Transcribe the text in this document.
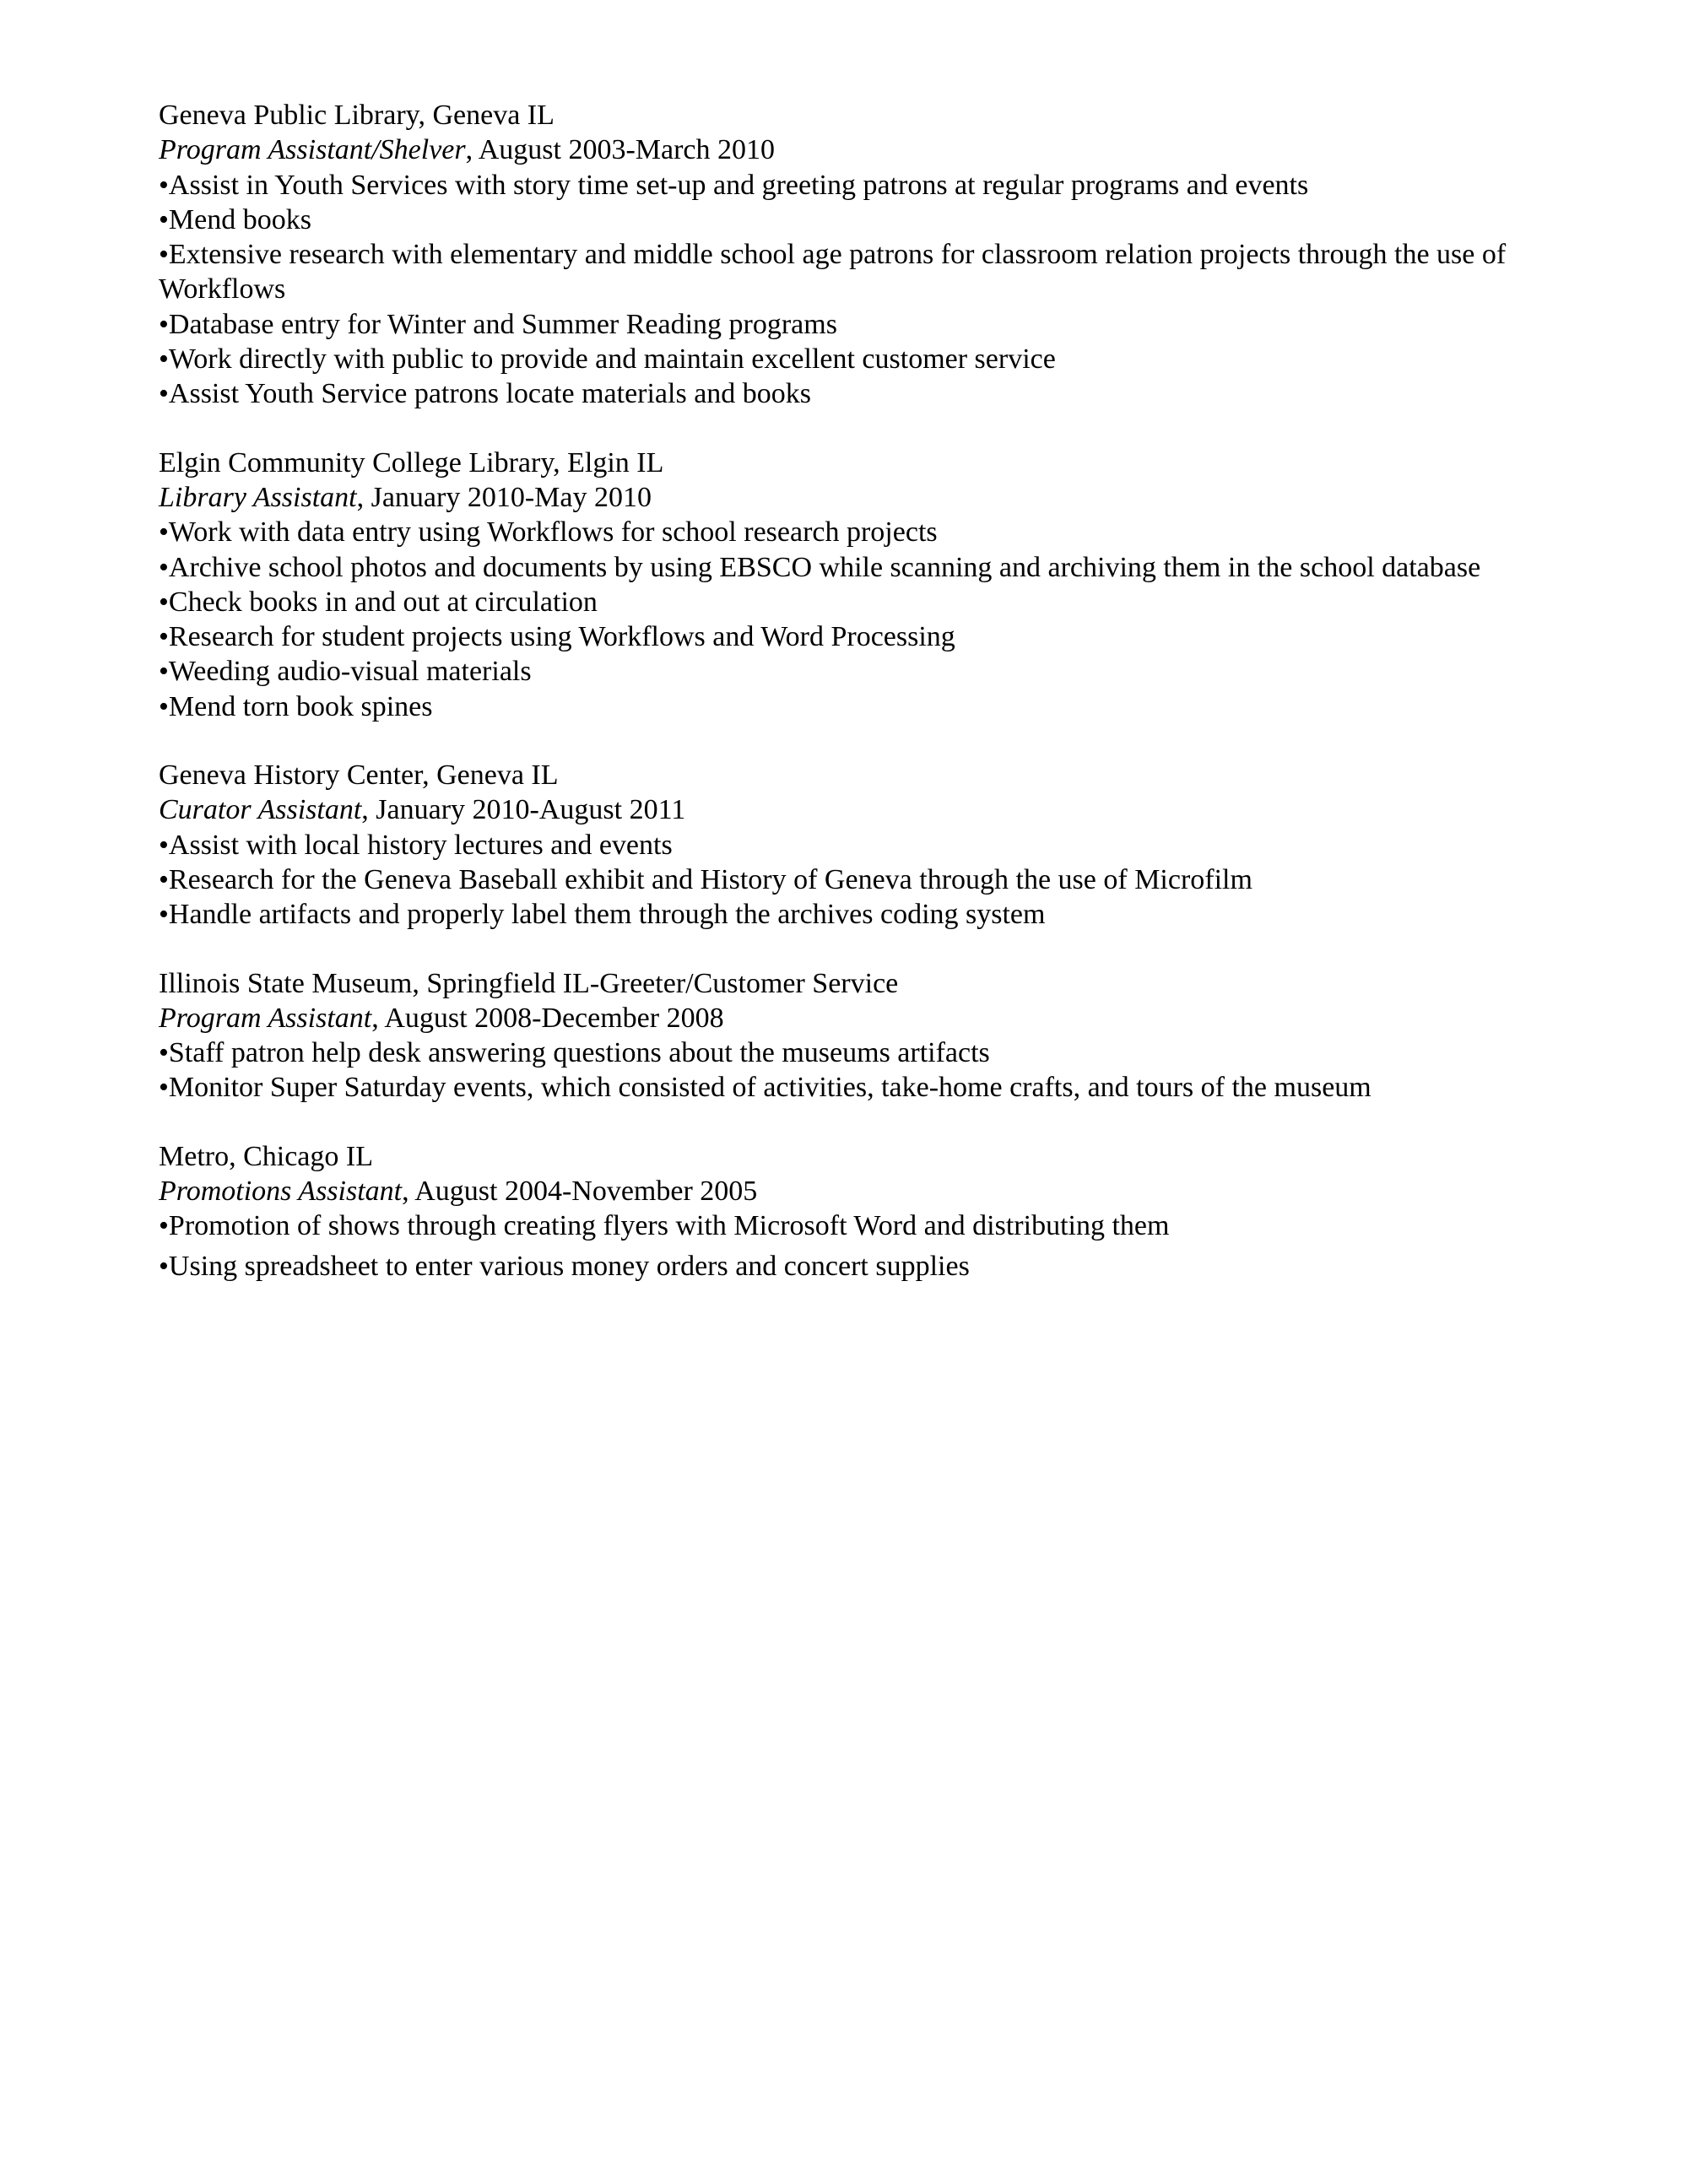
Geneva Public Library, Geneva IL

Program Assistant/Shelver, August 2003-March 2010

•Assist in Youth Services with story time set-up and greeting patrons at regular programs and events
•Mend books
•Extensive research with elementary and middle school age patrons for classroom relation projects through the use of Workflows
•Database entry for Winter and Summer Reading programs
•Work directly with public to provide and maintain excellent customer service
•Assist Youth Service patrons locate materials and books

Elgin Community College Library, Elgin IL

Library Assistant, January 2010-May 2010

•Work with data entry using Workflows for school research projects
•Archive school photos and documents by using EBSCO while scanning and archiving them in the school database
•Check books in and out at circulation
•Research for student projects using Workflows and Word Processing
•Weeding audio-visual materials
•Mend torn book spines

Geneva History Center, Geneva IL

Curator Assistant, January 2010-August 2011

•Assist with local history lectures and events
•Research for the Geneva Baseball exhibit and History of Geneva through the use of Microfilm
•Handle artifacts and properly label them through the archives coding system

Illinois State Museum, Springfield IL-Greeter/Customer Service

Program Assistant, August 2008-December 2008

•Staff patron help desk answering questions about the museums artifacts
•Monitor Super Saturday events, which consisted of activities, take-home crafts, and tours of the museum

Metro, Chicago IL

Promotions Assistant, August 2004-November 2005

•Promotion of shows through creating flyers with Microsoft Word and distributing them
•Using spreadsheet to enter various money orders and concert supplies
